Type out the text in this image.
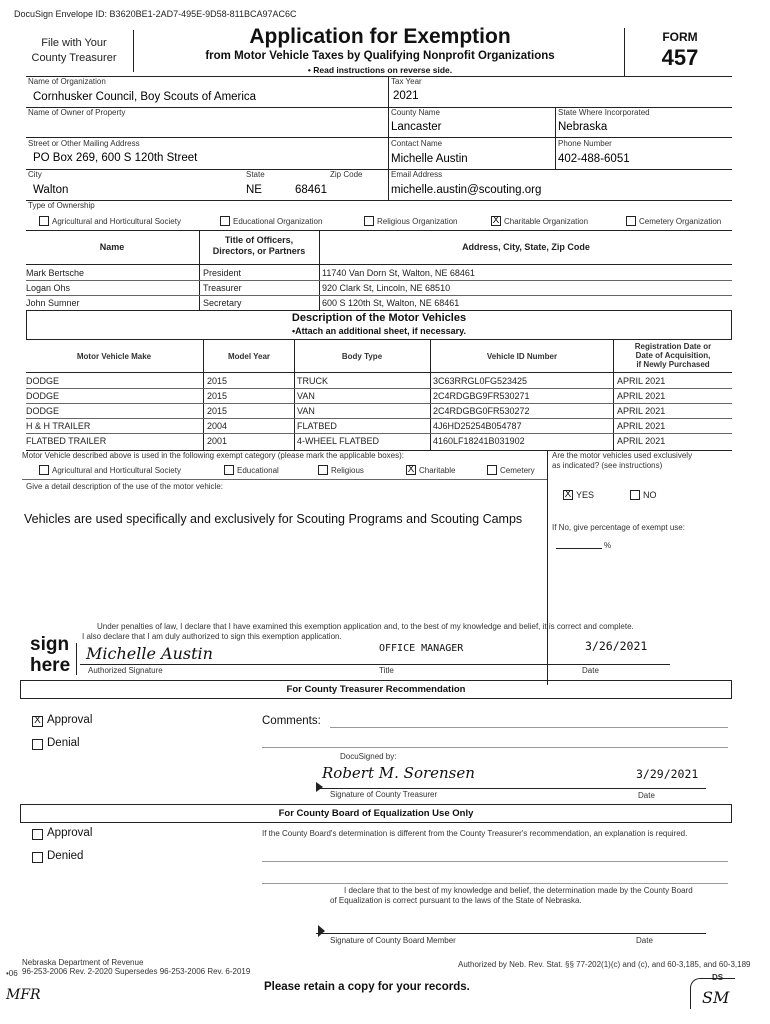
DocuSign Envelope ID: B3620BE1-2AD7-495E-9D58-811BCA97AC6C
File with Your
County Treasurer
Application for Exemption
from Motor Vehicle Taxes by Qualifying Nonprofit Organizations
• Read instructions on reverse side.
FORM
457
Name of Organization
Cornhusker Council, Boy Scouts of America
Tax Year
2021
Name of Owner of Property	County Name
Lancaster
State Where Incorporated
Nebraska
Street or Other Mailing Address
PO Box 269, 600 S 120th Street
Contact Name
Michelle Austin
Phone Number
402-488-6051
City
Walton
State
NE
Zip Code
68461
Email Address
michelle.austin@scouting.org
Type of Ownership
Agricultural and Horticultural Society	Educational Organization	Religious Organization	X Charitable Organization	Cemetery Organization
Name
Title of Officers,
Directors, or Partners	Address, City, State, Zip Code
Mark Bertsche	President	11740 Van Dorn St, Walton, NE 68461
Logan Ohs	Treasurer	920 Clark St, Lincoln, NE 68510
John Sumner	Secretary	600 S 120th St, Walton, NE 68461
Description of the Motor Vehicles
•Attach an additional sheet, if necessary.
Motor Vehicle Make	Model Year	Body Type	Vehicle ID Number
Registration Date or
Date of Acquisition,
if Newly Purchased
DODGE	2015	TRUCK	3C63RRGL0FG523425	APRIL 2021
DODGE	2015	VAN	2C4RDGBG9FR530271	APRIL 2021
DODGE	2015	VAN	2C4RDGBG0FR530272	APRIL 2021
H & H TRAILER	2004	FLATBED	4J6HD25254B054787	APRIL 2021
FLATBED TRAILER	2001	4-WHEEL FLATBED	4160LF18241B031902	APRIL 2021
Motor Vehicle described above is used in the following exempt category (please mark the applicable boxes):	Are the motor vehicles used exclusively
as indicated? (see instructions)
Agricultural and Horticultural Society	Educational	Religious	X Charitable	Cemetery
Give a detail description of the use of the motor vehicle:
Vehicles are used specifically and exclusively for Scouting Programs and Scouting Camps
X YES	NO
If No, give percentage of exempt use:
%
Under penalties of law, I declare that I have examined this exemption application and, to the best of my knowledge and belief, it is correct and complete.
I also declare that I am duly authorized to sign this exemption application.
sign
here
Michelle Austin
Authorized Signature
OFFICE MANAGER
Title
3/26/2021
Date
For County Treasurer Recommendation
X Approval
Denial
Comments:
DocuSigned by:
Robert M. Sorensen
Signature of County Treasurer
3/29/2021
Date
For County Board of Equalization Use Only
Approval
Denied
If the County Board's determination is different from the County Treasurer's recommendation, an explanation is required.
I declare that to the best of my knowledge and belief, the determination made by the County Board
of Equalization is correct pursuant to the laws of the State of Nebraska.
Signature of County Board Member	Date
Nebraska Department of Revenue
•06 96-253-2006 Rev. 2-2020 Supersedes 96-253-2006 Rev. 6-2019
Authorized by Neb. Rev. Stat. §§ 77-202(1)(c) and (c), and 60-3,185, and 60-3,189
Please retain a copy for your records.
MFR
DS
SM
